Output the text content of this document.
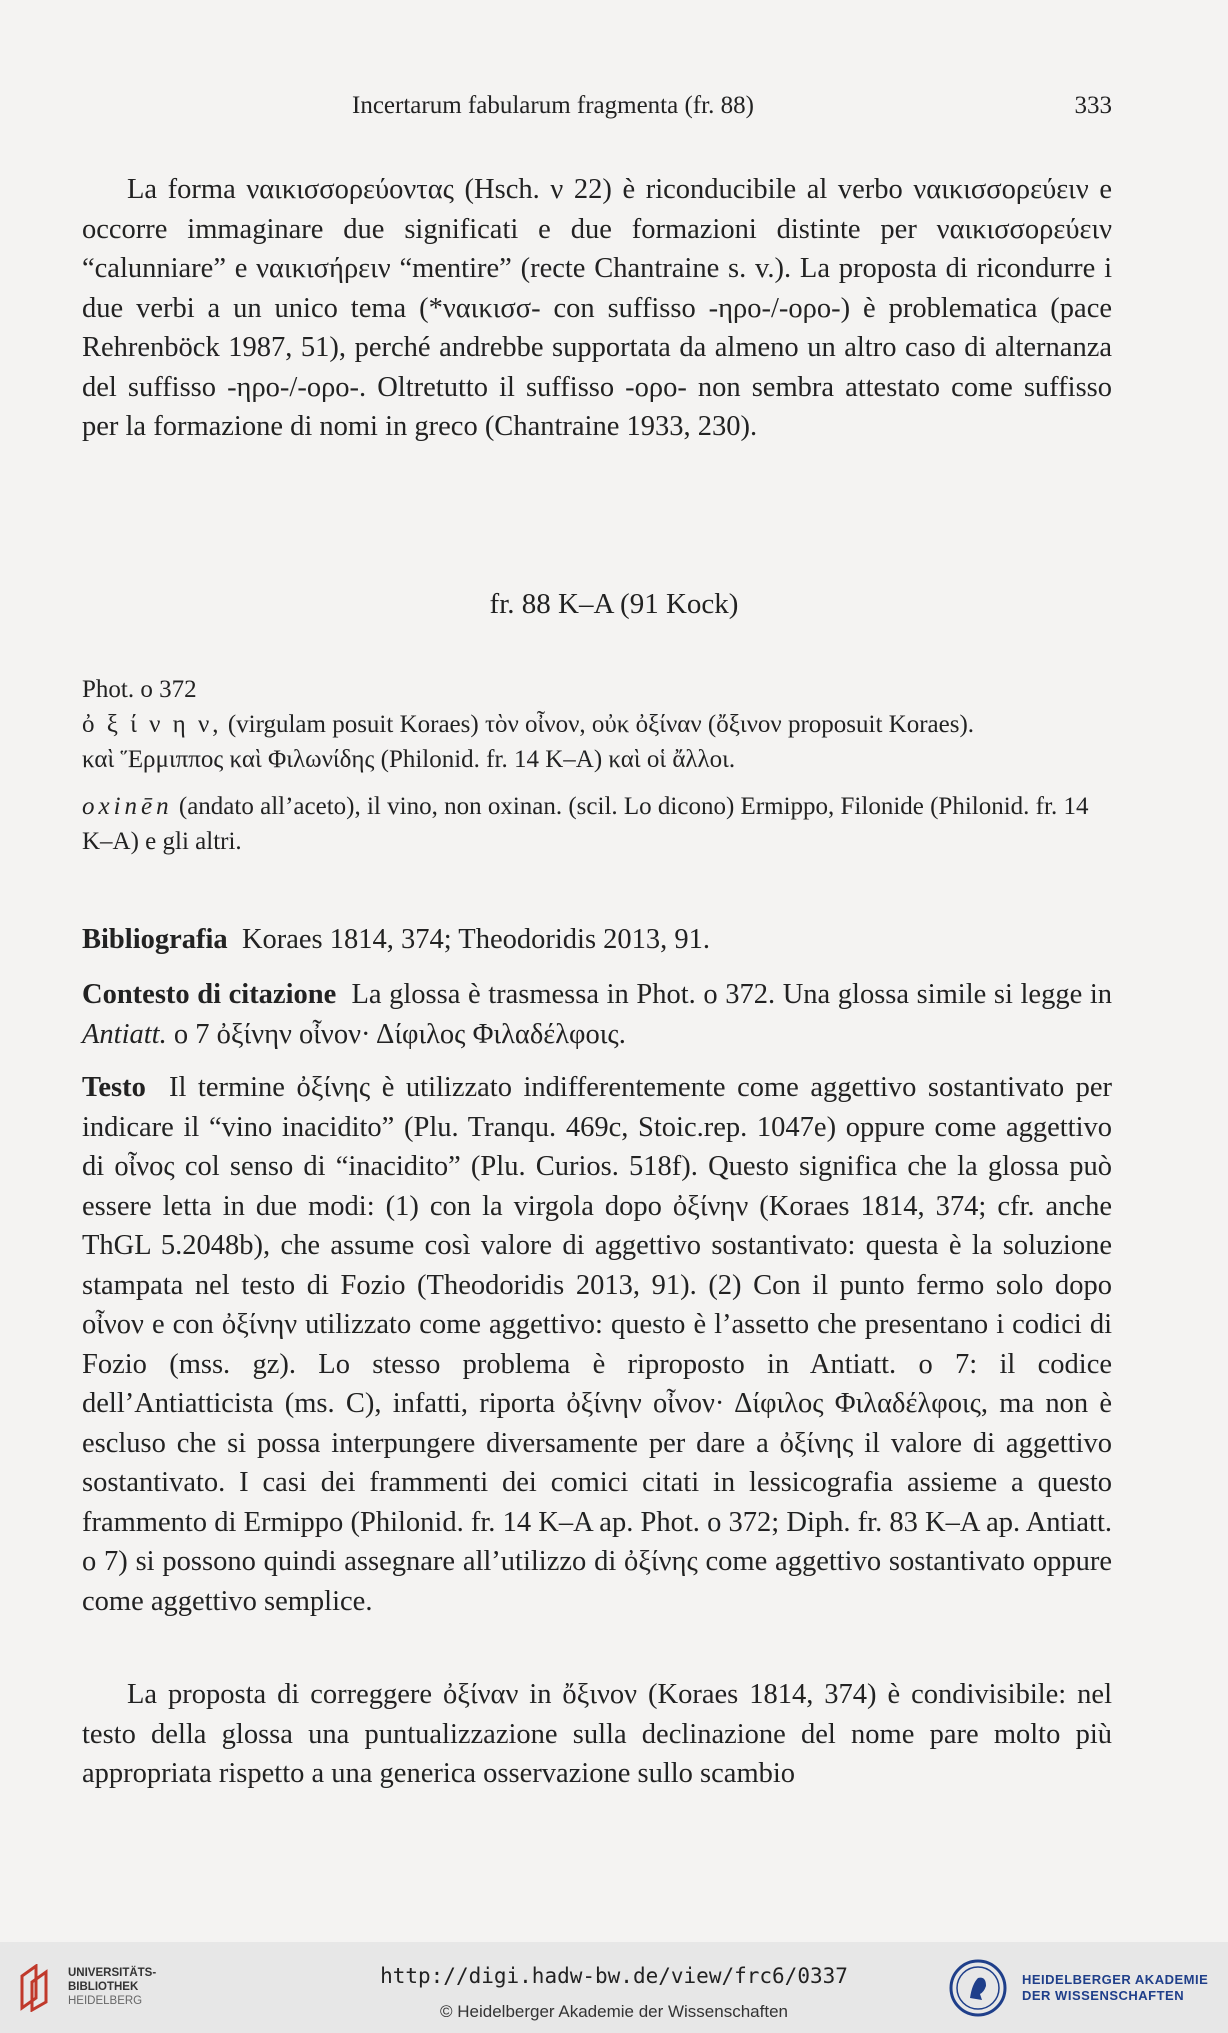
Incertarum fabularum fragmenta (fr. 88)	333
La forma ναικισσορεύοντας (Hsch. ν 22) è riconducibile al verbo ναικισσορεύειν e occorre immaginare due significati e due formazioni distinte per ναικισσορεύειν “calunniare” e ναικισήρειν “mentire” (recte Chantraine s. v.). La proposta di ricondurre i due verbi a un unico tema (*ναικισσ- con suffisso -ηρο-/-ορο-) è problematica (pace Rehrenböck 1987, 51), perché andrebbe supportata da almeno un altro caso di alternanza del suffisso -ηρο-/-ορο-. Oltretutto il suffisso -ορο- non sembra attestato come suffisso per la formazione di nomi in greco (Chantraine 1933, 230).
fr. 88 K–A (91 Kock)

Phot. ο 372

ὀ ξ ί ν η ν, (virgulam posuit Koraes) τὸν οἶνον, οὐκ ὀξίναν (ὄξινον proposuit Koraes).

καὶ Ἕρμιππος καὶ Φιλωνίδης (Philonid. fr. 14 K–A) καὶ οἱ ἄλλοι.

oxinēn (andato all’aceto), il vino, non oxinan. (scil. Lo dicono) Ermippo, Filonide (Philonid. fr. 14 K–A) e gli altri.

Bibliografia Koraes 1814, 374; Theodoridis 2013, 91.
Contesto di citazione La glossa è trasmessa in Phot. ο 372. Una glossa simile si legge in Antiatt. ο 7 ὀξίνην οἶνον· Δίφιλος Φιλαδέλφοις.
Testo Il termine ὀξίνης è utilizzato indifferentemente come aggettivo sostantivato per indicare il “vino inacidito” (Plu. Tranqu. 469c, Stoic.rep. 1047e) oppure come aggettivo di οἶνος col senso di “inacidito” (Plu. Curios. 518f). Questo significa che la glossa può essere letta in due modi: (1) con la virgola dopo ὀξίνην (Koraes 1814, 374; cfr. anche ThGL 5.2048b), che assume così valore di aggettivo sostantivato: questa è la soluzione stampata nel testo di Fozio (Theodoridis 2013, 91). (2) Con il punto fermo solo dopo οἶνον e con ὀξίνην utilizzato come aggettivo: questo è l’assetto che presentano i codici di Fozio (mss. gz). Lo stesso problema è riproposto in Antiatt. ο 7: il codice dell’Antiatticista (ms. C), infatti, riporta ὀξίνην οἶνον· Δίφιλος Φιλαδέλφοις, ma non è escluso che si possa interpungere diversamente per dare a ὀξίνης il valore di aggettivo sostantivato. I casi dei frammenti dei comici citati in lessicografia assieme a questo frammento di Ermippo (Philonid. fr. 14 K–A ap. Phot. ο 372; Diph. fr. 83 K–A ap. Antiatt. ο 7) si possono quindi assegnare all’utilizzo di ὀξίνης come aggettivo sostantivato oppure come aggettivo semplice.
La proposta di correggere ὀξίναν in ὄξινον (Koraes 1814, 374) è condivisibile: nel testo della glossa una puntualizzazione sulla declinazione del nome pare molto più appropriata rispetto a una generica osservazione sullo scambio
UNIVERSITÄTS-
BIBLIOTHEK
HEIDELBERG
http://digi.hadw-bw.de/view/frc6/0337
© Heidelberger Akademie der Wissenschaften
HEIDELBERGER AKADEMIE
DER WISSENSCHAFTEN
